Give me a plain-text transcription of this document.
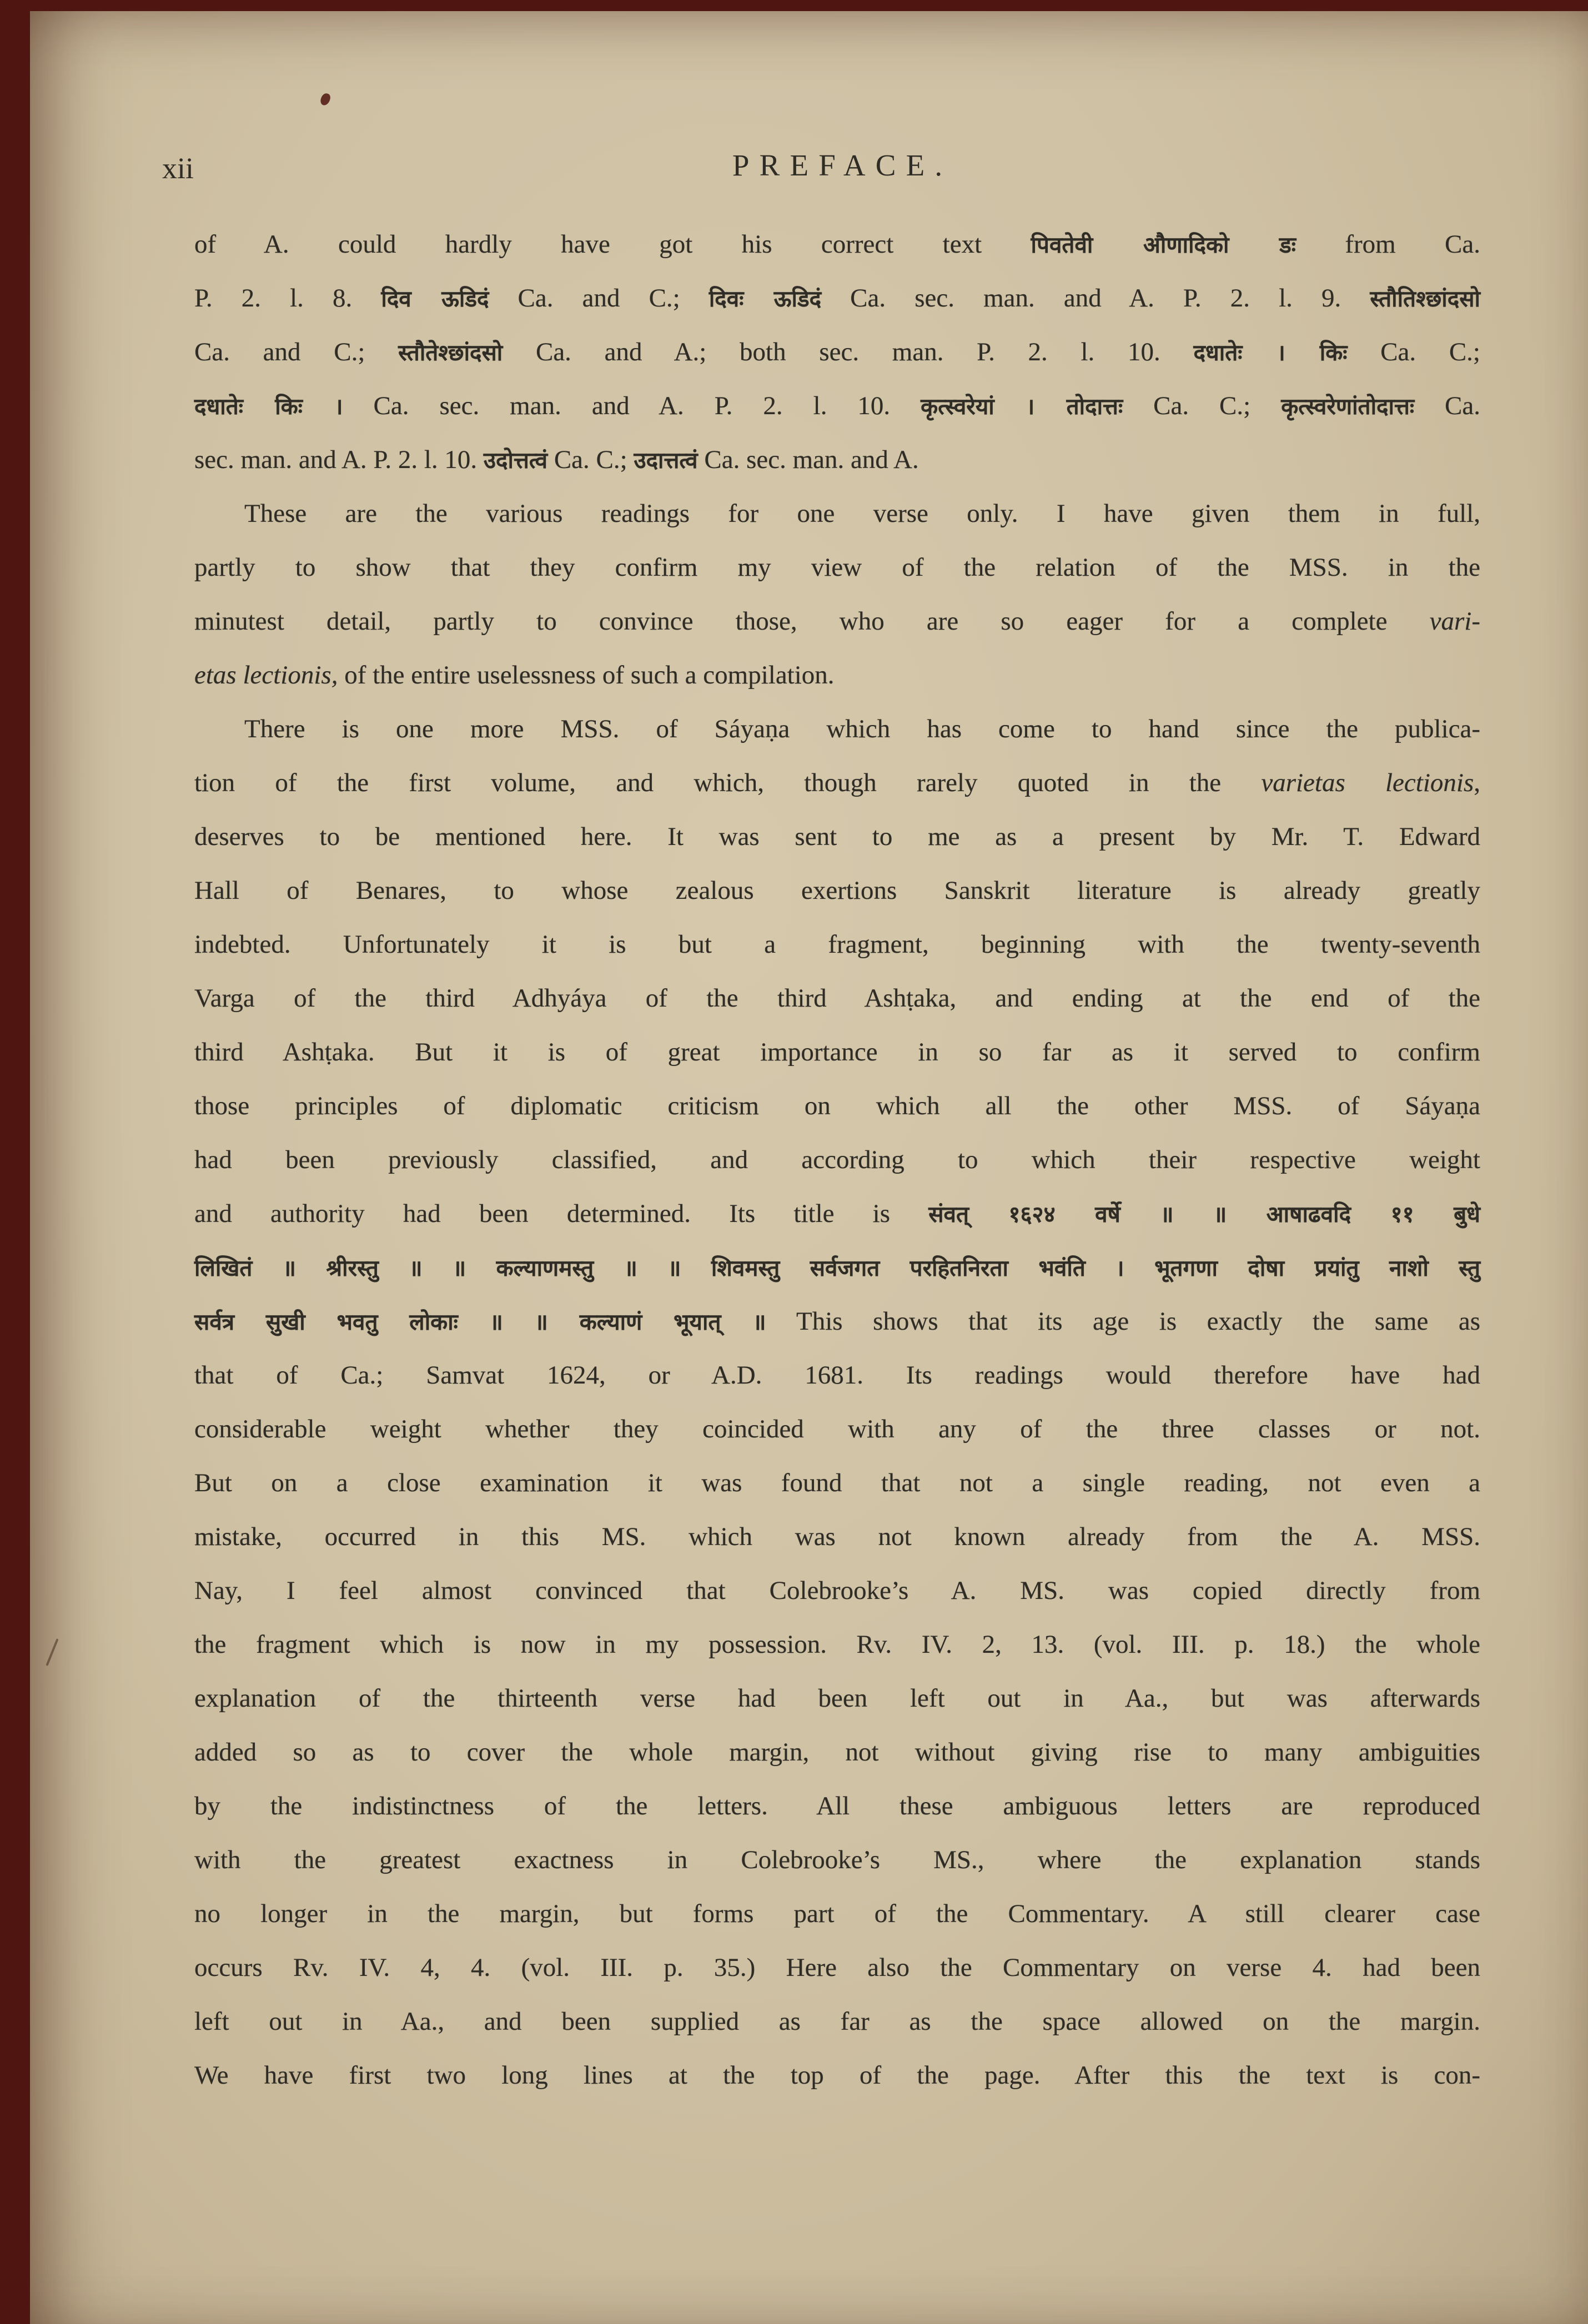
xii	PREFACE.
of A. could hardly have got his correct text पिवतेवी औणादिको डः from Ca.
P. 2. l. 8. दिव ऊडिदं Ca. and C.; दिवः ऊडिदं Ca. sec. man. and A. P. 2. l. 9. स्तौतिश्छांदसो
Ca. and C.; स्तौतेश्छांदसो Ca. and A.; both sec. man. P. 2. l. 10. दधातेः । किः Ca. C.;
दधातेः किः । Ca. sec. man. and A. P. 2. l. 10. कृत्स्वरेयां । तोदात्तः Ca. C.; कृत्स्वरेणांतोदात्तः Ca.
sec. man. and A. P. 2. l. 10. उदोत्तत्वं Ca. C.; उदात्तत्वं Ca. sec. man. and A.
These are the various readings for one verse only. I have given them in full,
partly to show that they confirm my view of the relation of the MSS. in the
minutest detail, partly to convince those, who are so eager for a complete vari-
etas lectionis, of the entire uselessness of such a compilation.
There is one more MSS. of Sáyaṇa which has come to hand since the publica-
tion of the first volume, and which, though rarely quoted in the varietas lectionis,
deserves to be mentioned here. It was sent to me as a present by Mr. T. Edward
Hall of Benares, to whose zealous exertions Sanskrit literature is already greatly
indebted. Unfortunately it is but a fragment, beginning with the twenty-seventh
Varga of the third Adhyáya of the third Ashṭaka, and ending at the end of the
third Ashṭaka. But it is of great importance in so far as it served to confirm
those principles of diplomatic criticism on which all the other MSS. of Sáyaṇa
had been previously classified, and according to which their respective weight
and authority had been determined. Its title is संवत् १६२४ वर्षे ॥ ॥ आषाढवदि ११ बुधे
लिखितं ॥ श्रीरस्तु ॥ ॥ कल्याणमस्तु ॥ ॥ शिवमस्तु सर्वजगत परहितनिरता भवंति । भूतगणा दोषा प्रयांतु नाशो स्तु
सर्वत्र सुखी भवतु लोकाः ॥ ॥ कल्याणं भूयात् ॥ This shows that its age is exactly the same as
that of Ca.; Samvat 1624, or A.D. 1681. Its readings would therefore have had
considerable weight whether they coincided with any of the three classes or not.
But on a close examination it was found that not a single reading, not even a
mistake, occurred in this MS. which was not known already from the A. MSS.
Nay, I feel almost convinced that Colebrooke’s A. MS. was copied directly from
the fragment which is now in my possession. Rv. IV. 2, 13. (vol. III. p. 18.) the whole
explanation of the thirteenth verse had been left out in Aa., but was afterwards
added so as to cover the whole margin, not without giving rise to many ambiguities
by the indistinctness of the letters. All these ambiguous letters are reproduced
with the greatest exactness in Colebrooke’s MS., where the explanation stands
no longer in the margin, but forms part of the Commentary. A still clearer case
occurs Rv. IV. 4, 4. (vol. III. p. 35.) Here also the Commentary on verse 4. had been
left out in Aa., and been supplied as far as the space allowed on the margin.
We have first two long lines at the top of the page. After this the text is con-
